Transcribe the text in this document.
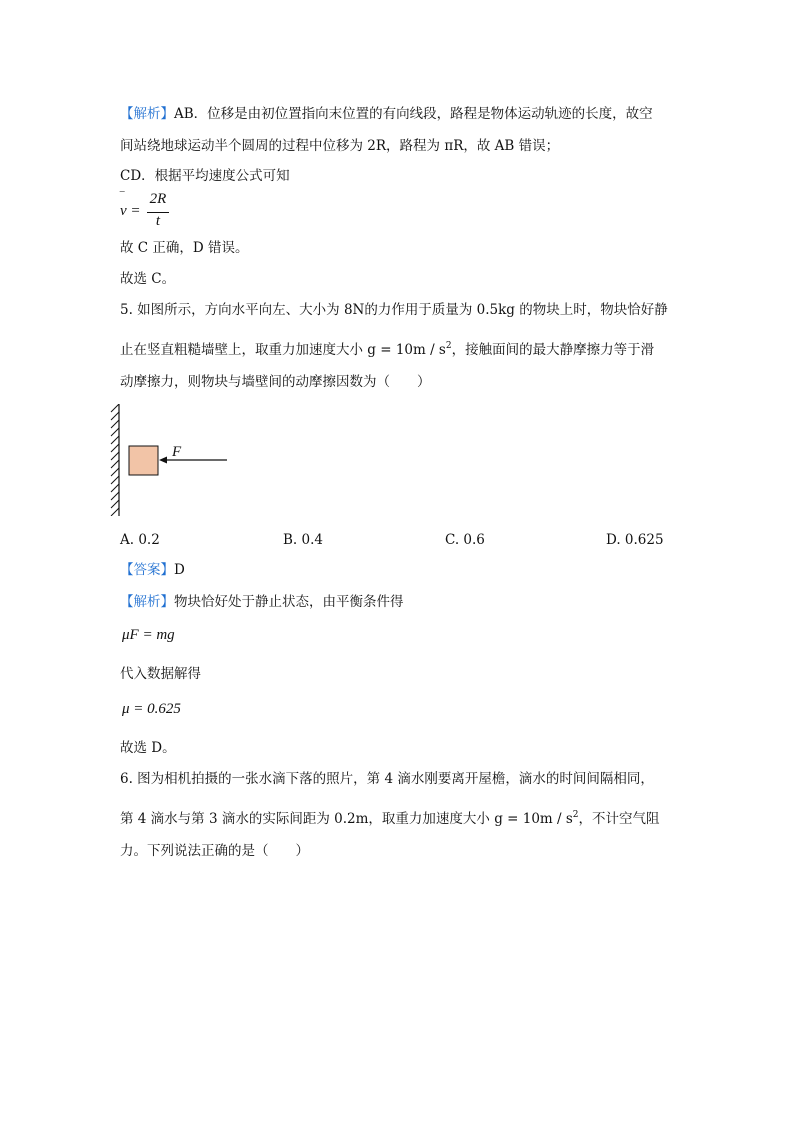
【解析】AB．位移是由初位置指向末位置的有向线段，路程是物体运动轨迹的长度，故空
间站绕地球运动半个圆周的过程中位移为 2R，路程为 πR，故 AB 错误；
CD．根据平均速度公式可知
‾
v =
2R
t
故 C 正确，D 错误。
故选 C。
5. 如图所示，方向水平向左、大小为 8N的力作用于质量为 0.5kg 的物块上时，物块恰好静
止在竖直粗糙墙壁上，取重力加速度大小 $g = 10m / s^2$，接触面间的最大静摩擦力等于滑
动摩擦力，则物块与墙壁间的动摩擦因数为（　　）
F
A. 0.2	B. 0.4	C. 0.6	D. 0.625
【答案】D
【解析】物块恰好处于静止状态，由平衡条件得
μF = mg
代入数据解得
μ = 0.625
故选 D。
6. 图为相机拍摄的一张水滴下落的照片，第 4 滴水刚要离开屋檐，滴水的时间间隔相同，
第 4 滴水与第 3 滴水的实际间距为 0.2m，取重力加速度大小 $g = 10m / s^2$，不计空气阻
力。下列说法正确的是（　　）
